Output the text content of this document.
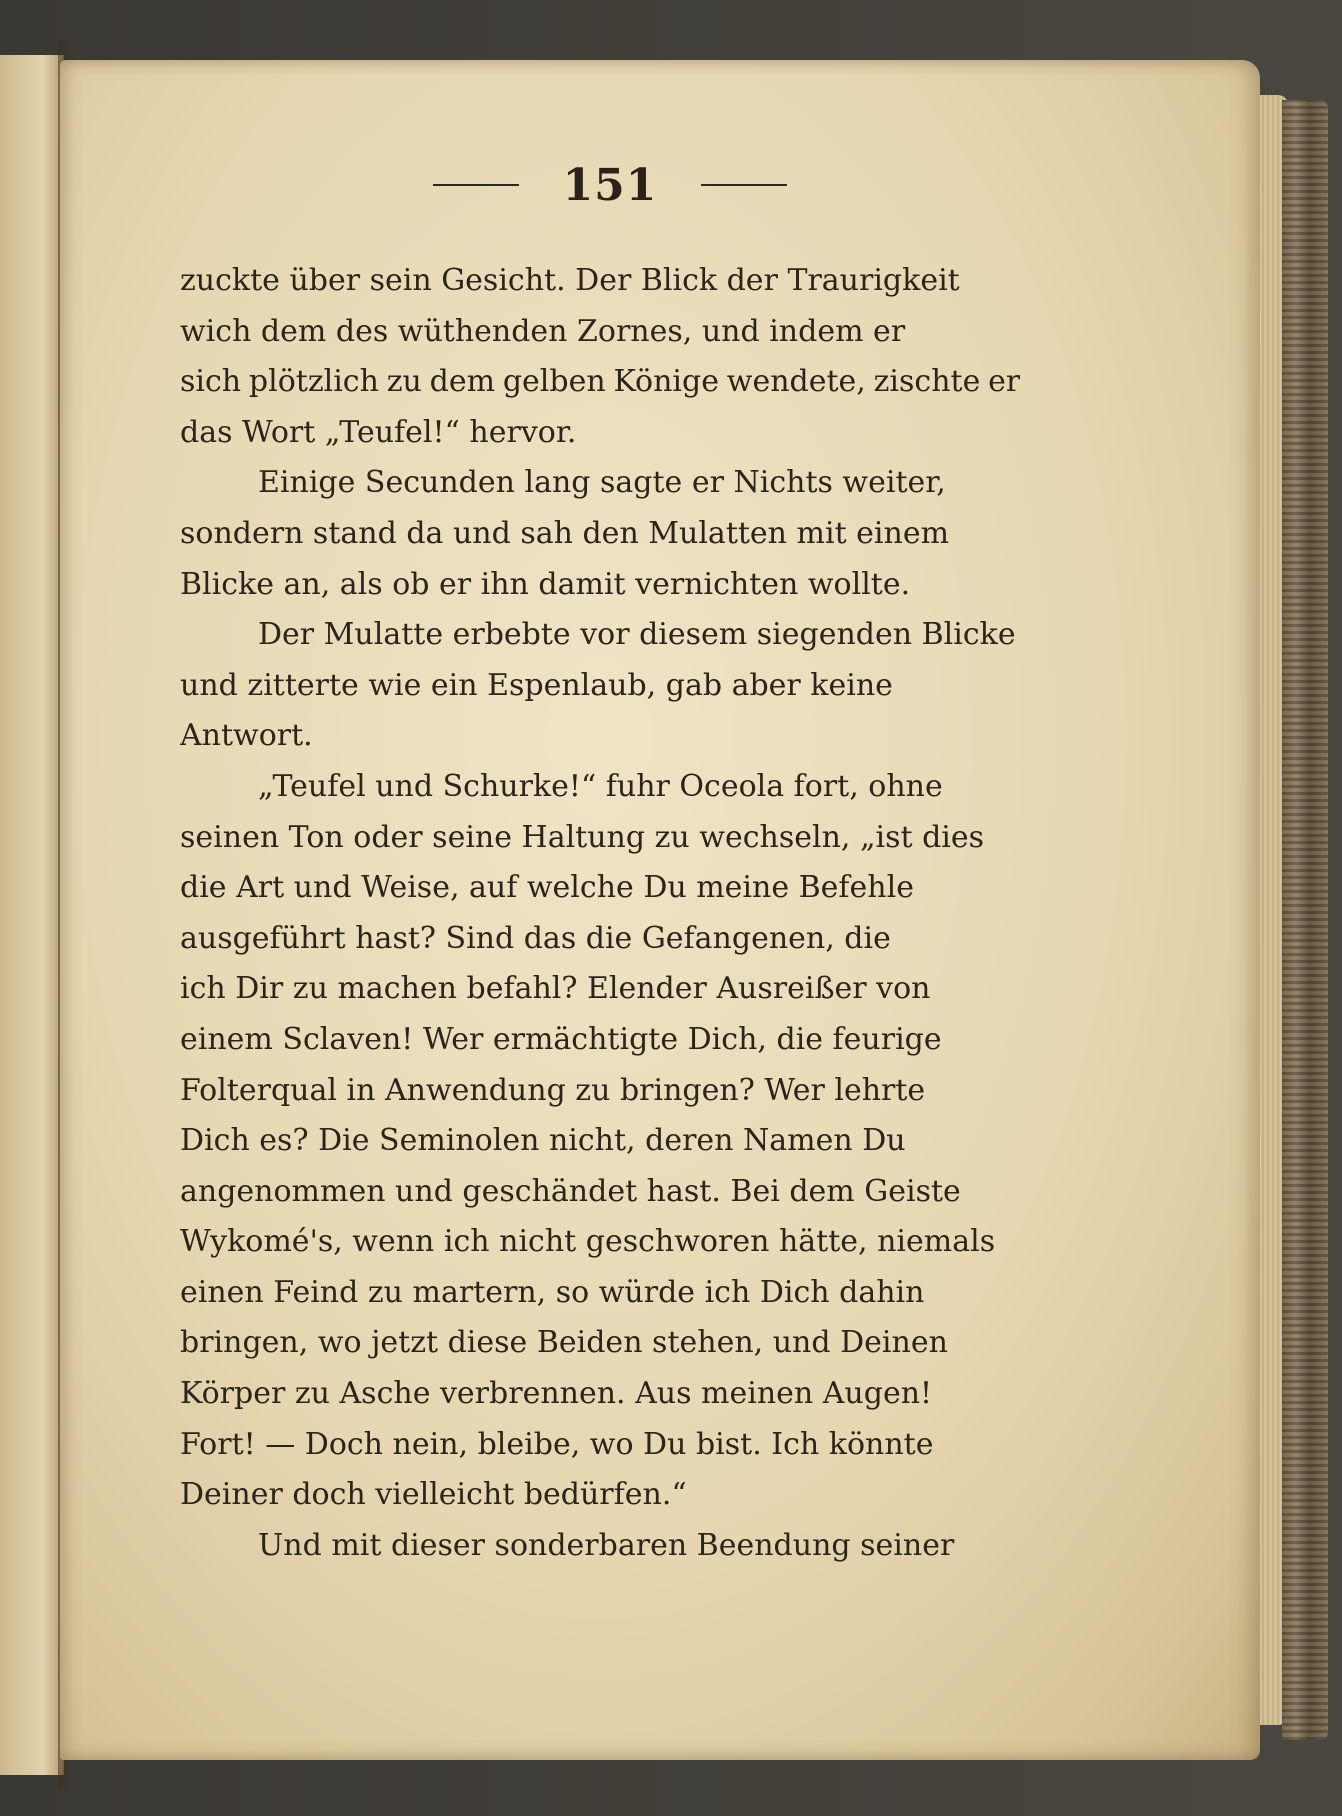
151
zuckte über sein Gesicht. Der Blick der Traurigkeit
wich dem des wüthenden Zornes, und indem er
sich plötzlich zu dem gelben Könige wendete, zischte er
das Wort „Teufel!“ hervor.
Einige Secunden lang sagte er Nichts weiter,
sondern stand da und sah den Mulatten mit einem
Blicke an, als ob er ihn damit vernichten wollte.
Der Mulatte erbebte vor diesem siegenden Blicke
und zitterte wie ein Espenlaub, gab aber keine
Antwort.
„Teufel und Schurke!“ fuhr Oceola fort, ohne
seinen Ton oder seine Haltung zu wechseln, „ist dies
die Art und Weise, auf welche Du meine Befehle
ausgeführt hast? Sind das die Gefangenen, die
ich Dir zu machen befahl? Elender Ausreißer von
einem Sclaven! Wer ermächtigte Dich, die feurige
Folterqual in Anwendung zu bringen? Wer lehrte
Dich es? Die Seminolen nicht, deren Namen Du
angenommen und geschändet hast. Bei dem Geiste
Wykomé's, wenn ich nicht geschworen hätte, niemals
einen Feind zu martern, so würde ich Dich dahin
bringen, wo jetzt diese Beiden stehen, und Deinen
Körper zu Asche verbrennen. Aus meinen Augen!
Fort! — Doch nein, bleibe, wo Du bist. Ich könnte
Deiner doch vielleicht bedürfen.“
Und mit dieser sonderbaren Beendung seiner
